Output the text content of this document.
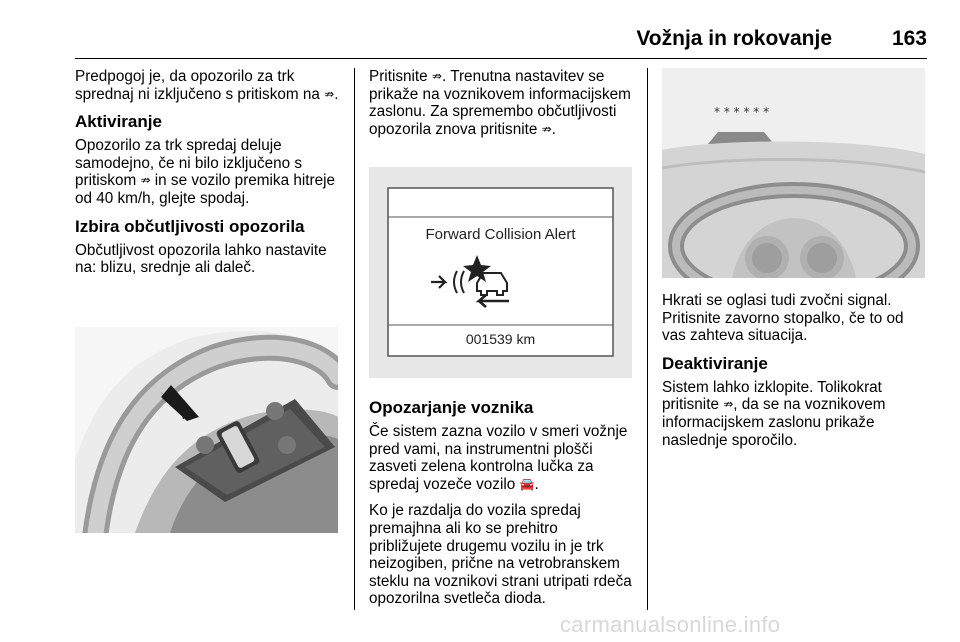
Vožnja in rokovanje	163

Predpogoj je, da opozorilo za trk sprednaj ni izključeno s pritiskom na ⇏.

Aktiviranje

Opozorilo za trk spredaj deluje samodejno, če ni bilo izključeno s pritiskom ⇏ in se vozilo premika hitreje od 40 km/h, glejte spodaj.

Izbira občutljivosti opozorila

Občutljivost opozorila lahko nastavite na: blizu, srednje ali daleč.

Pritisnite ⇏. Trenutna nastavitev se prikaže na voznikovem informacijskem zaslonu. Za spremembo občutljivosti opozorila znova pritisnite ⇏.

Forward Collision Alert
001539 km
Opozarjanje voznika

Če sistem zazna vozilo v smeri vožnje pred vami, na instrumentni plošči zasveti zelena kontrolna lučka za spredaj vozeče vozilo 🚘.

Ko je razdalja do vozila spredaj premajhna ali ko se prehitro približujete drugemu vozilu in je trk neizogiben, prične na vetrobranskem steklu na voznikovi strani utripati rdeča opozorilna svetleča dioda.

* * * * * *

Hkrati se oglasi tudi zvočni signal. Pritisnite zavorno stopalko, če to od vas zahteva situacija.

Deaktiviranje

Sistem lahko izklopite. Tolikokrat pritisnite ⇏, da se na voznikovem informacijskem zaslonu prikaže naslednje sporočilo.

carmanualsonline.info
